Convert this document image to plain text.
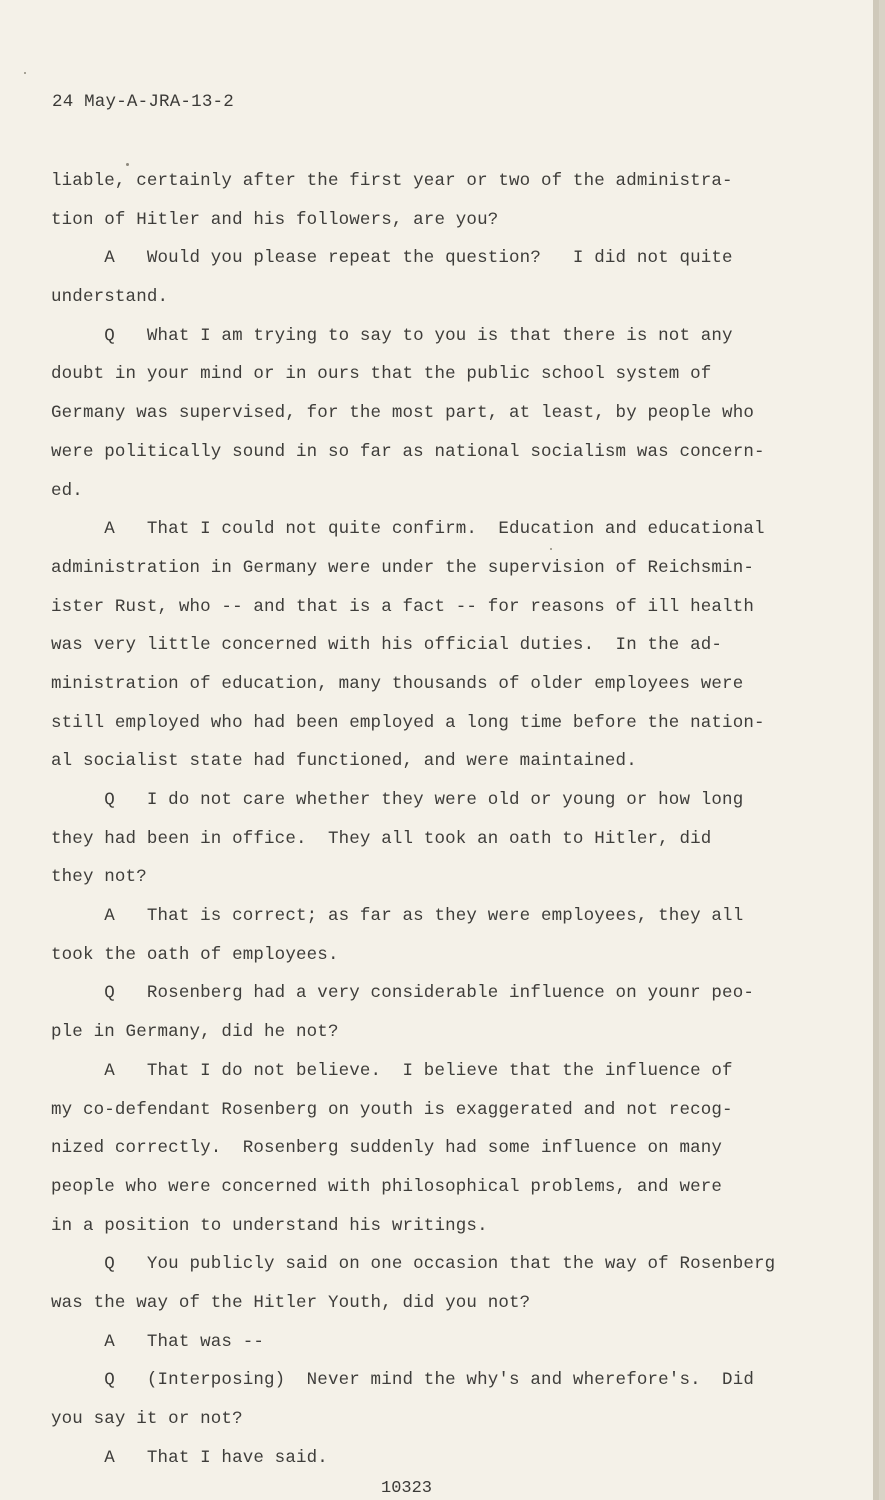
24 May-A-JRA-13-2
liable, certainly after the first year or two of the administra-
tion of Hitler and his followers, are you?
A   Would you please repeat the question?   I did not quite
understand.
Q   What I am trying to say to you is that there is not any
doubt in your mind or in ours that the public school system of
Germany was supervised, for the most part, at least, by people who
were politically sound in so far as national socialism was concern-
ed.
A   That I could not quite confirm.  Education and educational
administration in Germany were under the supervision of Reichsmin-
ister Rust, who -- and that is a fact -- for reasons of ill health
was very little concerned with his official duties.  In the ad-
ministration of education, many thousands of older employees were
still employed who had been employed a long time before the nation-
al socialist state had functioned, and were maintained.
Q   I do not care whether they were old or young or how long
they had been in office.  They all took an oath to Hitler, did
they not?
A   That is correct; as far as they were employees, they all
took the oath of employees.
Q   Rosenberg had a very considerable influence on younr peo-
ple in Germany, did he not?
A   That I do not believe.  I believe that the influence of
my co-defendant Rosenberg on youth is exaggerated and not recog-
nized correctly.  Rosenberg suddenly had some influence on many
people who were concerned with philosophical problems, and were
in a position to understand his writings.
Q   You publicly said on one occasion that the way of Rosenberg
was the way of the Hitler Youth, did you not?
A   That was --
Q   (Interposing)  Never mind the why's and wherefore's.  Did
you say it or not?
A   That I have said.
10323
